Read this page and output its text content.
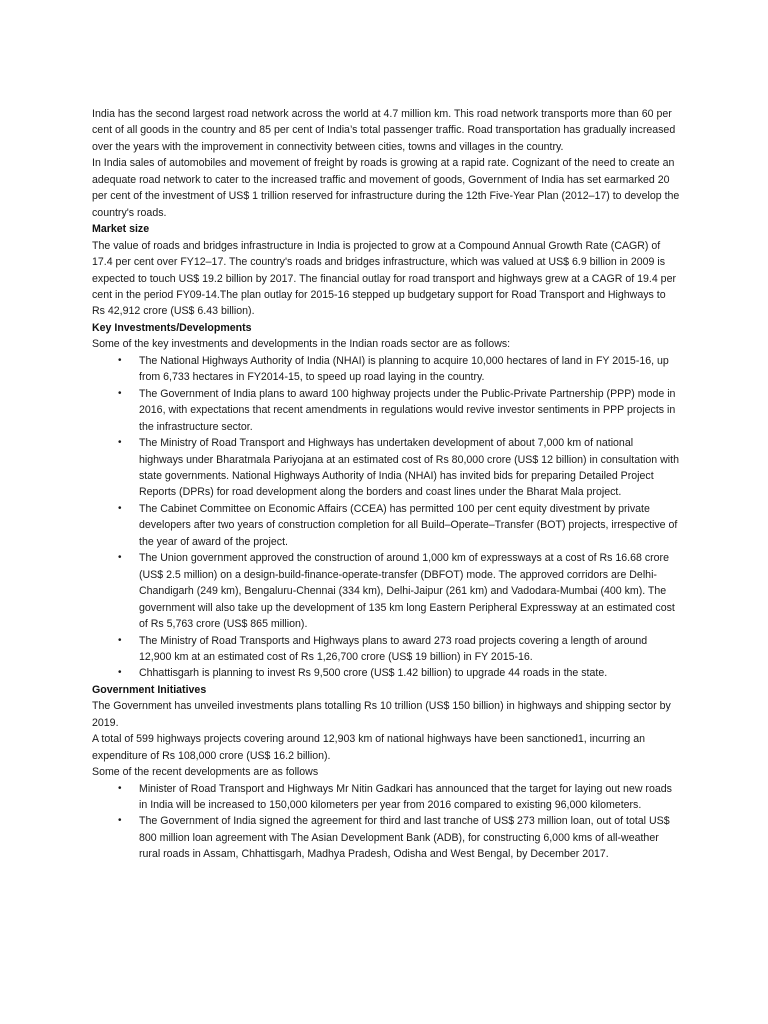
India has the second largest road network across the world at 4.7 million km. This road network transports more than 60 per cent of all goods in the country and 85 per cent of India’s total passenger traffic. Road transportation has gradually increased over the years with the improvement in connectivity between cities, towns and villages in the country.

In India sales of automobiles and movement of freight by roads is growing at a rapid rate. Cognizant of the need to create an adequate road network to cater to the increased traffic and movement of goods, Government of India has set earmarked 20 per cent of the investment of US$ 1 trillion reserved for infrastructure during the 12th Five-Year Plan (2012–17) to develop the country's roads.

Market size

The value of roads and bridges infrastructure in India is projected to grow at a Compound Annual Growth Rate (CAGR) of 17.4 per cent over FY12–17. The country's roads and bridges infrastructure, which was valued at US$ 6.9 billion in 2009 is expected to touch US$ 19.2 billion by 2017. The financial outlay for road transport and highways grew at a CAGR of 19.4 per cent in the period FY09-14.The plan outlay for 2015-16 stepped up budgetary support for Road Transport and Highways to Rs 42,912 crore (US$ 6.43 billion).

Key Investments/Developments

Some of the key investments and developments in the Indian roads sector are as follows:

• The National Highways Authority of India (NHAI) is planning to acquire 10,000 hectares of land in FY 2015-16, up from 6,733 hectares in FY2014-15, to speed up road laying in the country.
• The Government of India plans to award 100 highway projects under the Public-Private Partnership (PPP) mode in 2016, with expectations that recent amendments in regulations would revive investor sentiments in PPP projects in the infrastructure sector.
• The Ministry of Road Transport and Highways has undertaken development of about 7,000 km of national highways under Bharatmala Pariyojana at an estimated cost of Rs 80,000 crore (US$ 12 billion) in consultation with state governments. National Highways Authority of India (NHAI) has invited bids for preparing Detailed Project Reports (DPRs) for road development along the borders and coast lines under the Bharat Mala project.
• The Cabinet Committee on Economic Affairs (CCEA) has permitted 100 per cent equity divestment by private developers after two years of construction completion for all Build–Operate–Transfer (BOT) projects, irrespective of the year of award of the project.
• The Union government approved the construction of around 1,000 km of expressways at a cost of Rs 16.68 crore (US$ 2.5 million) on a design-build-finance-operate-transfer (DBFOT) mode. The approved corridors are Delhi-Chandigarh (249 km), Bengaluru-Chennai (334 km), Delhi-Jaipur (261 km) and Vadodara-Mumbai (400 km). The government will also take up the development of 135 km long Eastern Peripheral Expressway at an estimated cost of Rs 5,763 crore (US$ 865 million).
• The Ministry of Road Transports and Highways plans to award 273 road projects covering a length of around 12,900 km at an estimated cost of Rs 1,26,700 crore (US$ 19 billion) in FY 2015-16.
• Chhattisgarh is planning to invest Rs 9,500 crore (US$ 1.42 billion) to upgrade 44 roads in the state.

Government Initiatives

The Government has unveiled investments plans totalling Rs 10 trillion (US$ 150 billion) in highways and shipping sector by 2019.

A total of 599 highways projects covering around 12,903 km of national highways have been sanctioned1, incurring an expenditure of Rs 108,000 crore (US$ 16.2 billion).

Some of the recent developments are as follows

• Minister of Road Transport and Highways Mr Nitin Gadkari has announced that the target for laying out new roads in India will be increased to 150,000 kilometers per year from 2016 compared to existing 96,000 kilometers.
• The Government of India signed the agreement for third and last tranche of US$ 273 million loan, out of total US$ 800 million loan agreement with The Asian Development Bank (ADB), for constructing 6,000 kms of all-weather rural roads in Assam, Chhattisgarh, Madhya Pradesh, Odisha and West Bengal, by December 2017.
